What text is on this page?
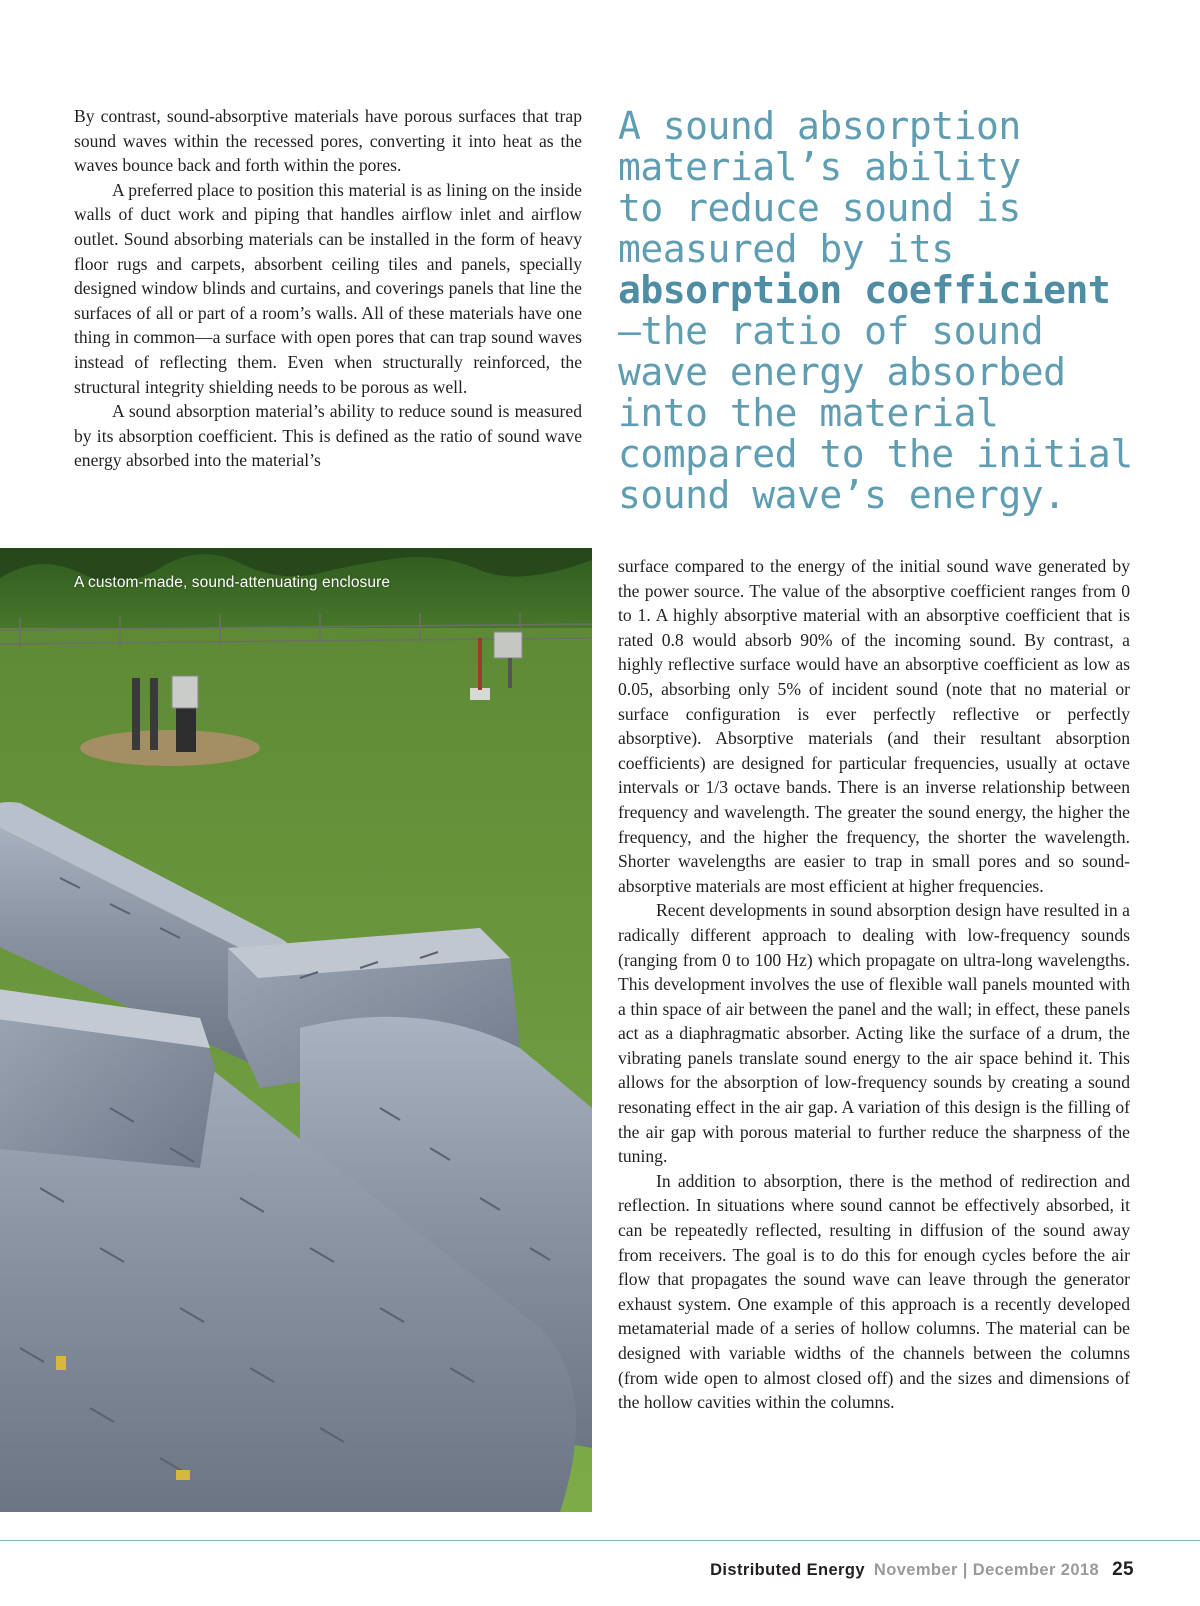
By contrast, sound-absorptive materials have porous surfaces that trap sound waves within the recessed pores, converting it into heat as the waves bounce back and forth within the pores.

A preferred place to position this material is as lining on the inside walls of duct work and piping that handles airflow inlet and airflow outlet. Sound absorbing materials can be installed in the form of heavy floor rugs and carpets, absorbent ceiling tiles and panels, specially designed window blinds and curtains, and coverings panels that line the surfaces of all or part of a room’s walls. All of these materials have one thing in common—a surface with open pores that can trap sound waves instead of reflecting them. Even when structurally reinforced, the structural integrity shielding needs to be porous as well.

A sound absorption material’s ability to reduce sound is measured by its absorption coefficient. This is defined as the ratio of sound wave energy absorbed into the material’s

A sound absorption
material’s ability
to reduce sound is
measured by its
absorption coefficient
—the ratio of sound
wave energy absorbed
into the material
compared to the initial
sound wave’s energy.
A custom-made, sound-attenuating enclosure

surface compared to the energy of the initial sound wave generated by the power source. The value of the absorptive coefficient ranges from 0 to 1. A highly absorptive material with an absorptive coefficient that is rated 0.8 would absorb 90% of the incoming sound. By contrast, a highly reflective surface would have an absorptive coefficient as low as 0.05, absorbing only 5% of incident sound (note that no material or surface configuration is ever perfectly reflective or perfectly absorptive). Absorptive materials (and their resultant absorption coefficients) are designed for particular frequencies, usually at octave intervals or 1/3 octave bands. There is an inverse relationship between frequency and wavelength. The greater the sound energy, the higher the frequency, and the higher the frequency, the shorter the wavelength. Shorter wavelengths are easier to trap in small pores and so sound-absorptive materials are most efficient at higher frequencies.

Recent developments in sound absorption design have resulted in a radically different approach to dealing with low-frequency sounds (ranging from 0 to 100 Hz) which propagate on ultra-long wavelengths. This development involves the use of flexible wall panels mounted with a thin space of air between the panel and the wall; in effect, these panels act as a diaphragmatic absorber. Acting like the surface of a drum, the vibrating panels translate sound energy to the air space behind it. This allows for the absorption of low-frequency sounds by creating a sound resonating effect in the air gap. A variation of this design is the filling of the air gap with porous material to further reduce the sharpness of the tuning.

In addition to absorption, there is the method of redirection and reflection. In situations where sound cannot be effectively absorbed, it can be repeatedly reflected, resulting in diffusion of the sound away from receivers. The goal is to do this for enough cycles before the air flow that propagates the sound wave can leave through the generator exhaust system. One example of this approach is a recently developed metamaterial made of a series of hollow columns. The material can be designed with variable widths of the channels between the columns (from wide open to almost closed off) and the sizes and dimensions of the hollow cavities within the columns.

Distributed Energy November | December 2018 25
